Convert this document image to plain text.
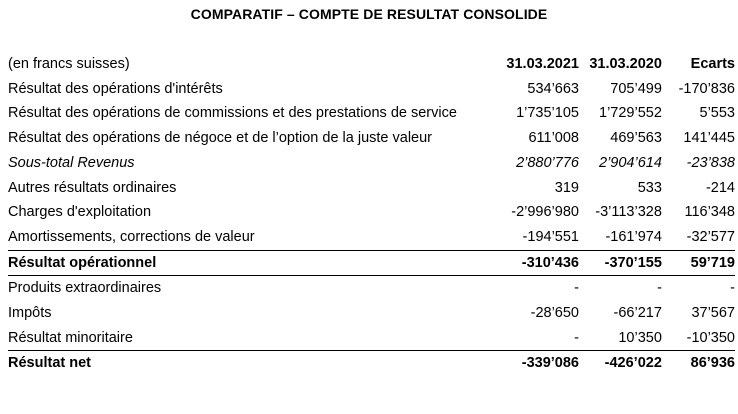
COMPARATIF – COMPTE DE RESULTAT CONSOLIDE
(en francs suisses)	31.03.2021	31.03.2020	Ecarts
Résultat des opérations d'intérêts	534’663	705’499	-170’836
Résultat des opérations de commissions et des prestations de service	1’735’105	1’729’552	5’553
Résultat des opérations de négoce et de l’option de la juste valeur	611’008	469’563	141’445
Sous-total Revenus	2’880’776	2’904’614	-23’838
Autres résultats ordinaires	319	533	-214
Charges d'exploitation	-2’996’980	-3’113’328	116’348
Amortissements, corrections de valeur	-194’551	-161’974	-32’577
Résultat opérationnel	-310’436	-370’155	59’719
Produits extraordinaires	-	-	-
Impôts	-28’650	-66’217	37’567
Résultat minoritaire	-	10’350	-10’350
Résultat net	-339’086	-426’022	86’936
